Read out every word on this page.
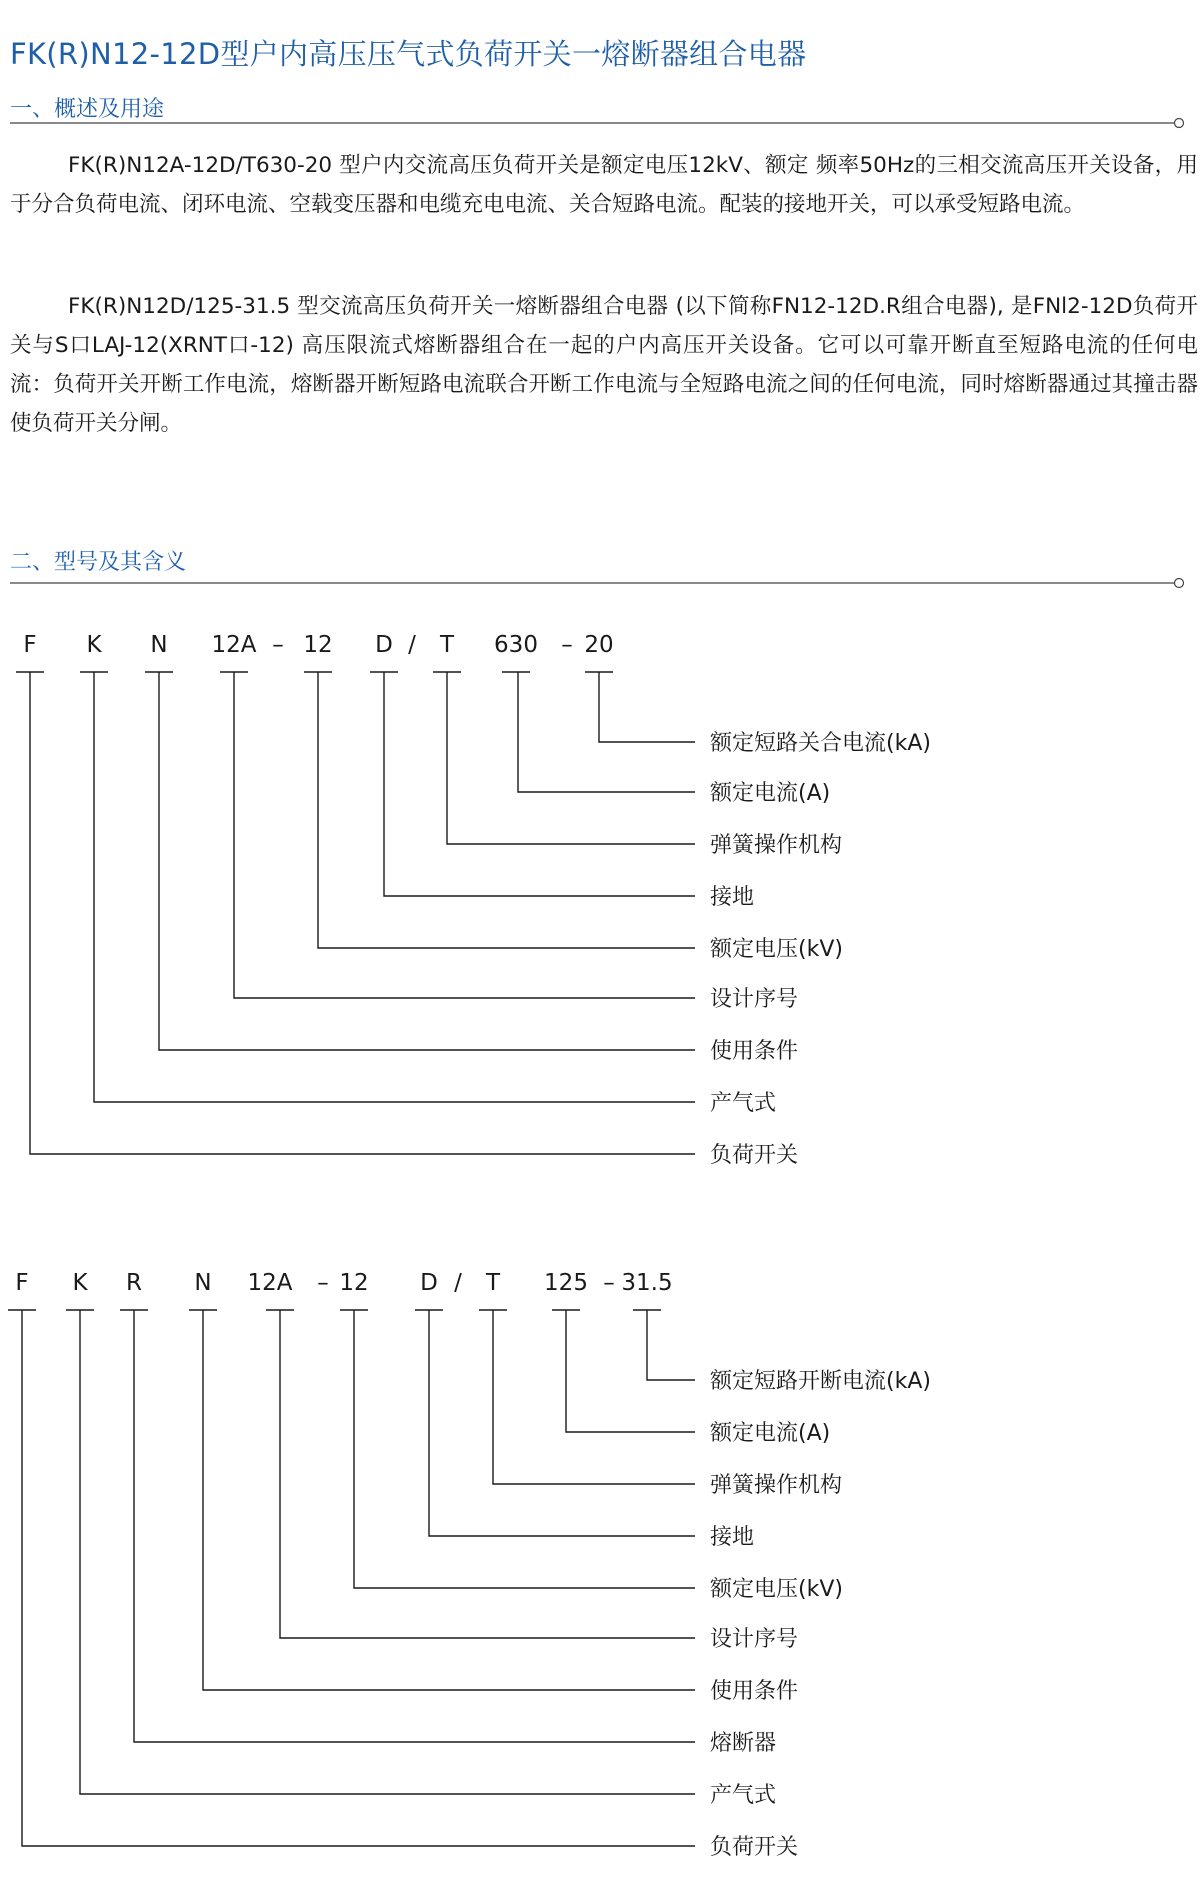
FK(R)N12-12D型户内高压压气式负荷开关一熔断器组合电器
一、概述及用途
FK(R)N12A-12D/T630-20 型户内交流高压负荷开关是额定电压12kV、额定 频率50Hz的三相交流高压开关设备，用于分合负荷电流、闭环电流、空载变压器和电缆充电电流、关合短路电流。配装的接地开关，可以承受短路电流。
FK(R)N12D/125-31.5 型交流高压负荷开关一熔断器组合电器 (以下简称FN12-12D.R组合电器), 是FNl2-12D负荷开关与S口LAJ-12(XRNT口-12) 高压限流式熔断器组合在一起的户内高压开关设备。它可以可靠开断直至短路电流的任何电流：负荷开关开断工作电流，熔断器开断短路电流联合开断工作电流与全短路电流之间的任何电流，同时熔断器通过其撞击器使负荷开关分闸。
二、型号及其含义
F K N 12A – 12 D / T 630 – 20
额定短路关合电流(kA)
额定电流(A)
弹簧操作机构
接地
额定电压(kV)
设计序号
使用条件
产气式
负荷开关
F K R N 12A – 12 D / T 125 – 31.5
额定短路开断电流(kA)
额定电流(A)
弹簧操作机构
接地
额定电压(kV)
设计序号
使用条件
熔断器
产气式
负荷开关
